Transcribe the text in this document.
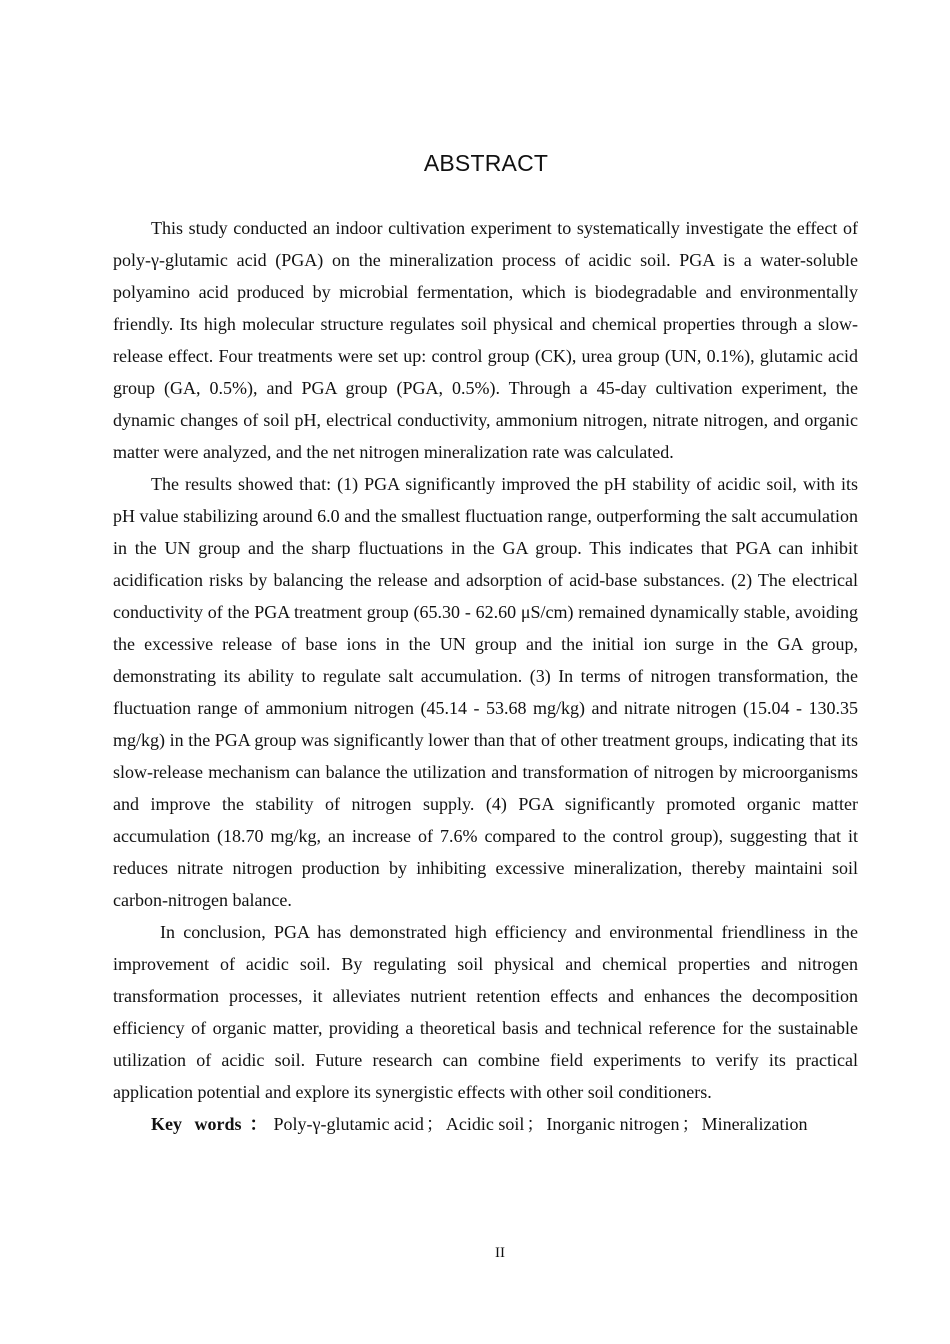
ABSTRACT

This study conducted an indoor cultivation experiment to systematically investigate the effect of poly-γ-glutamic acid (PGA) on the mineralization process of acidic soil. PGA is a water-soluble polyamino acid produced by microbial fermentation, which is biodegradable and environmentally friendly. Its high molecular structure regulates soil physical and chemical properties through a slow-release effect. Four treatments were set up: control group (CK), urea group (UN, 0.1%), glutamic acid group (GA, 0.5%), and PGA group (PGA, 0.5%). Through a 45-day cultivation experiment, the dynamic changes of soil pH, electrical conductivity, ammonium nitrogen, nitrate nitrogen, and organic matter were analyzed, and the net nitrogen mineralization rate was calculated.

The results showed that: (1) PGA significantly improved the pH stability of acidic soil, with its pH value stabilizing around 6.0 and the smallest fluctuation range, outperforming the salt accumulation in the UN group and the sharp fluctuations in the GA group. This indicates that PGA can inhibit acidification risks by balancing the release and adsorption of acid-base substances. (2) The electrical conductivity of the PGA treatment group (65.30 - 62.60 μS/cm) remained dynamically stable, avoiding the excessive release of base ions in the UN group and the initial ion surge in the GA group, demonstrating its ability to regulate salt accumulation. (3) In terms of nitrogen transformation, the fluctuation range of ammonium nitrogen (45.14 - 53.68 mg/kg) and nitrate nitrogen (15.04 - 130.35 mg/kg) in the PGA group was significantly lower than that of other treatment groups, indicating that its slow-release mechanism can balance the utilization and transformation of nitrogen by microorganisms and improve the stability of nitrogen supply. (4) PGA significantly promoted organic matter accumulation (18.70 mg/kg, an increase of 7.6% compared to the control group), suggesting that it reduces nitrate nitrogen production by inhibiting excessive mineralization, thereby maintaini soil carbon-nitrogen balance.

In conclusion, PGA has demonstrated high efficiency and environmental friendliness in the improvement of acidic soil. By regulating soil physical and chemical properties and nitrogen transformation processes, it alleviates nutrient retention effects and enhances the decomposition efficiency of organic matter, providing a theoretical basis and technical reference for the sustainable utilization of acidic soil. Future research can combine field experiments to verify its practical application potential and explore its synergistic effects with other soil conditioners.

Key words ： Poly-γ-glutamic acid ； Acidic soil ； Inorganic nitrogen ； Mineralization

II
